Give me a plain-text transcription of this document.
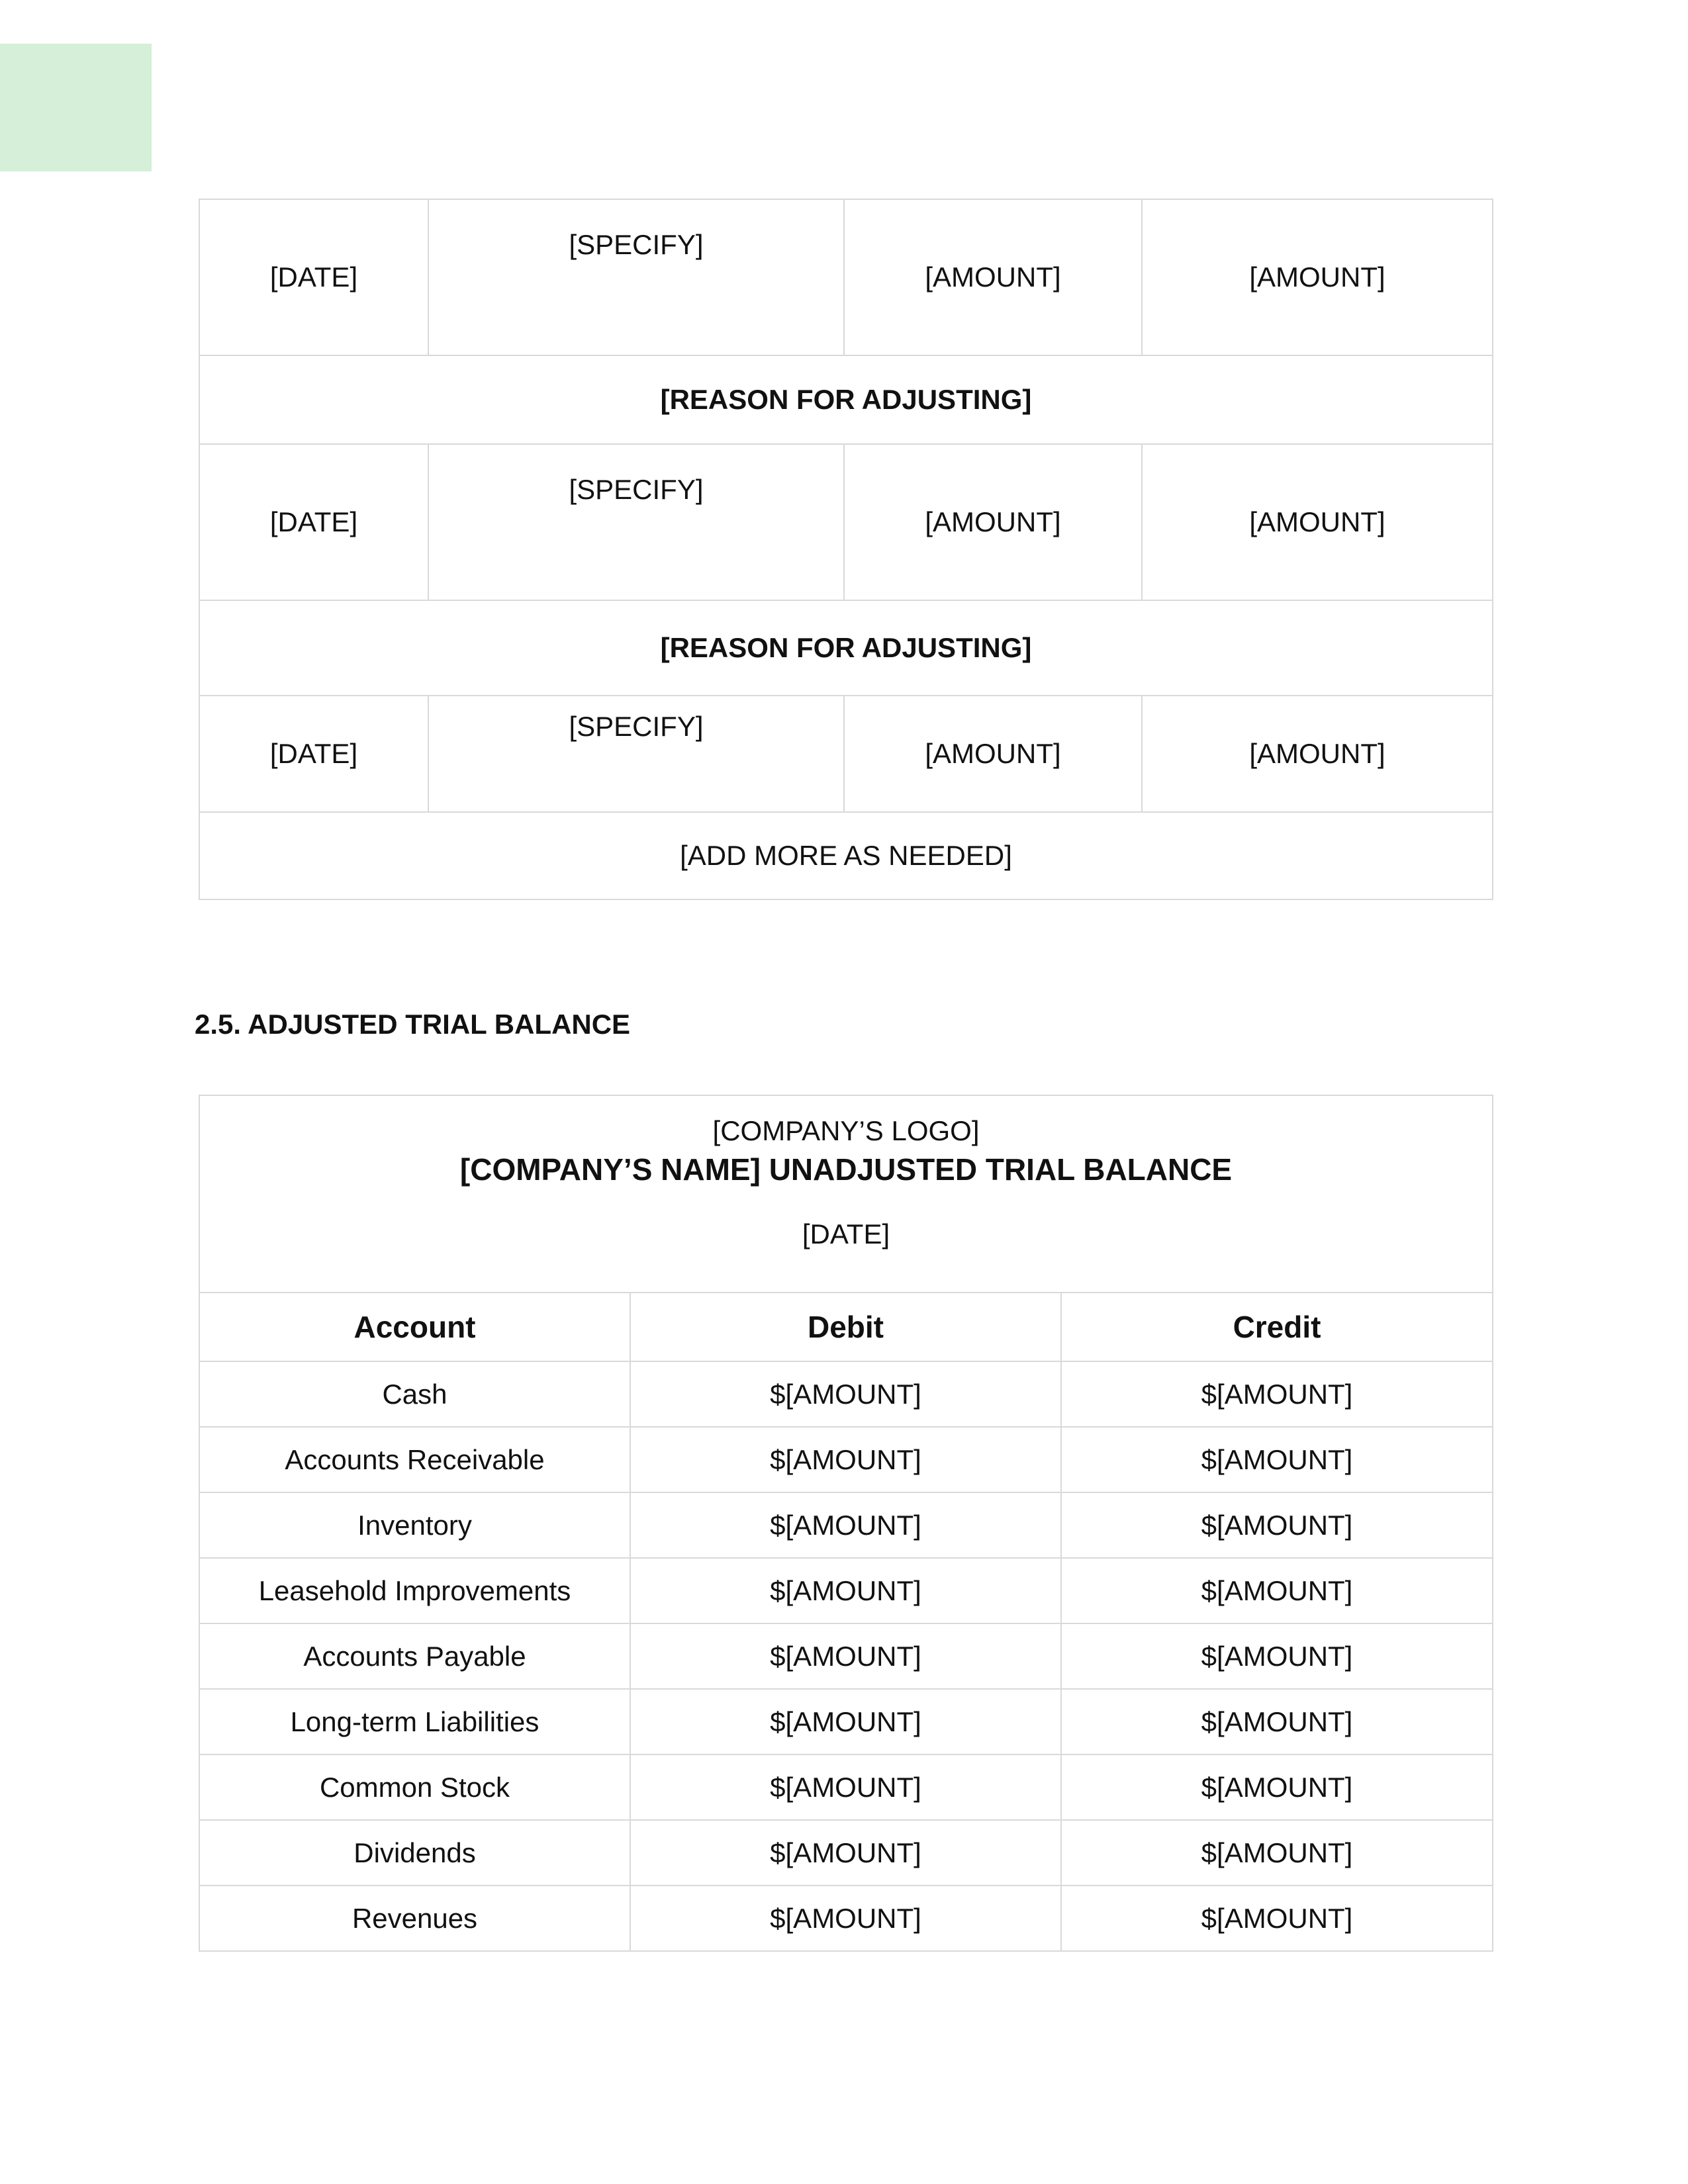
[DATE]	[SPECIFY]	[AMOUNT]	[AMOUNT]
[REASON FOR ADJUSTING]			
[DATE]	[SPECIFY]	[AMOUNT]	[AMOUNT]
[REASON FOR ADJUSTING]			
[DATE]	[SPECIFY]	[AMOUNT]	[AMOUNT]
[ADD MORE AS NEEDED]			
2.5. ADJUSTED TRIAL BALANCE
[COMPANY’S LOGO]
[COMPANY’S NAME] UNADJUSTED TRIAL BALANCE
[DATE]		

Account	Debit	Credit
Cash	$[AMOUNT]	$[AMOUNT]
Accounts Receivable	$[AMOUNT]	$[AMOUNT]
Inventory	$[AMOUNT]	$[AMOUNT]
Leasehold Improvements	$[AMOUNT]	$[AMOUNT]
Accounts Payable	$[AMOUNT]	$[AMOUNT]
Long-term Liabilities	$[AMOUNT]	$[AMOUNT]
Common Stock	$[AMOUNT]	$[AMOUNT]
Dividends	$[AMOUNT]	$[AMOUNT]
Revenues	$[AMOUNT]	$[AMOUNT]
